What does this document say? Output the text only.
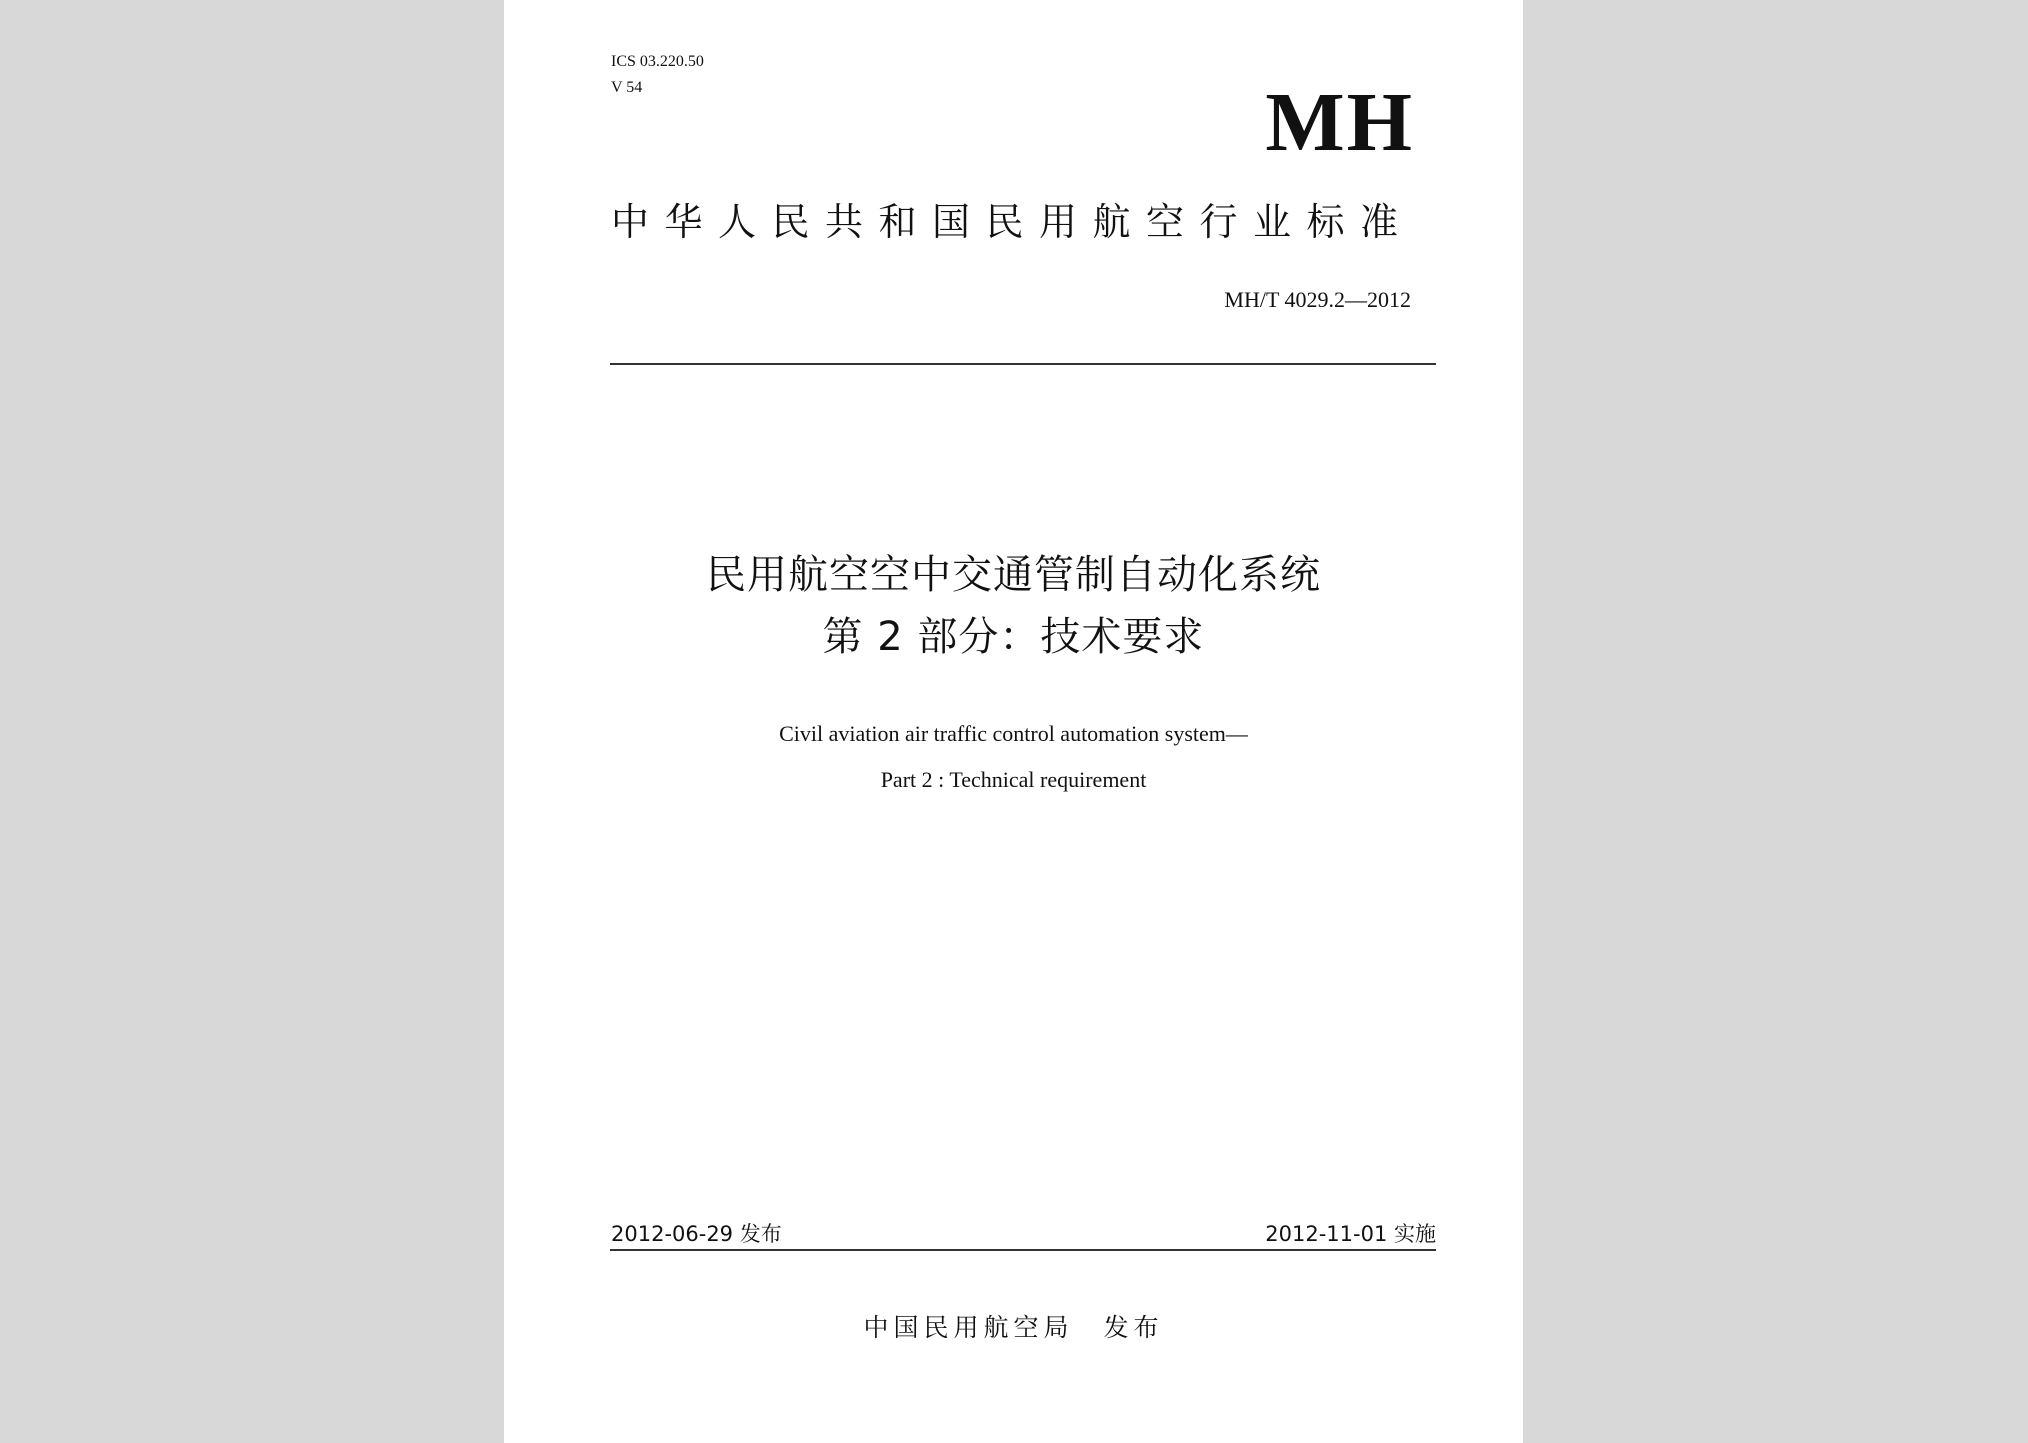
ICS 03.220.50

V 54	MH

中华人民共和国民用航空行业标准

MH/T 4029.2—2012

民用航空空中交通管制自动化系统

第 2 部分：技术要求

Civil aviation air traffic control automation system—

Part 2 : Technical requirement

2012-06-29 发布	2012-11-01 实施

中国民用航空局　发布
